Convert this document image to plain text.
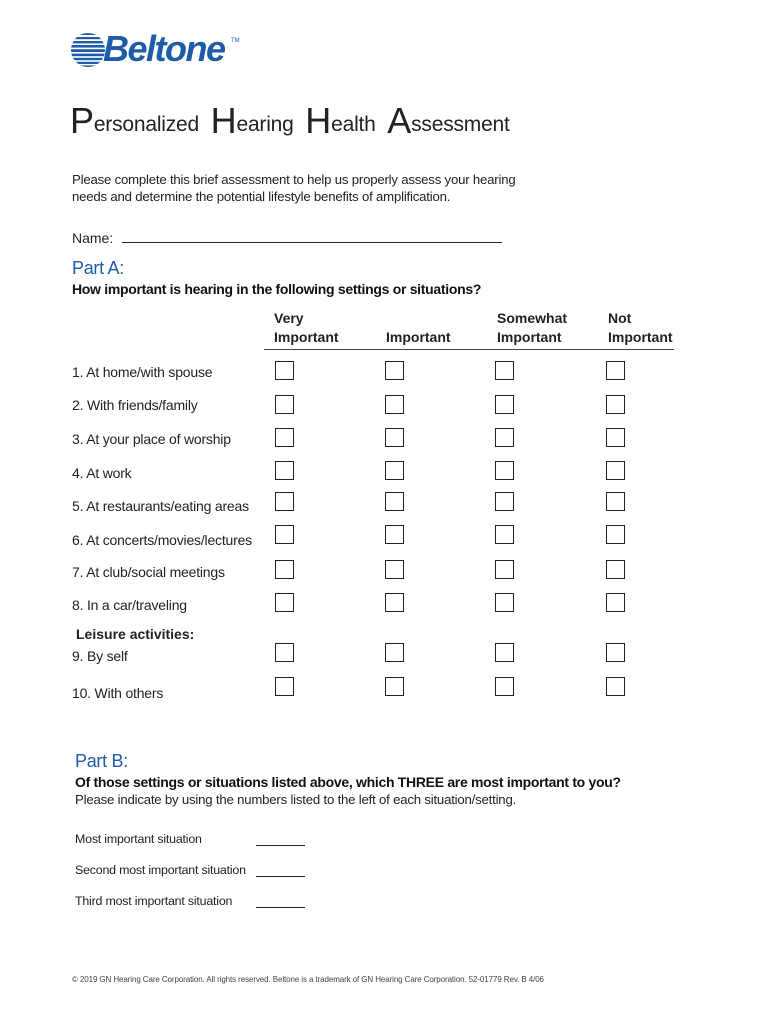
Beltone TM
Personalized Hearing Health Assessment
Please complete this brief assessment to help us properly assess your hearing
needs and determine the potential lifestyle benefits of amplification.
Name:
Part A:
How important is hearing in the following settings or situations?
Very
Important
	Important
Somewhat
Important
Not
Important
1. At home/with spouse
2. With friends/family
3. At your place of worship
4. At work
5. At restaurants/eating areas
6. At concerts/movies/lectures
7. At club/social meetings
8. In a car/traveling
Leisure activities:
9. By self
10. With others
Part B:
Of those settings or situations listed above, which THREE are most important to you?
Please indicate by using the numbers listed to the left of each situation/setting.
Most important situation
Second most important situation
Third most important situation
© 2019 GN Hearing Care Corporation. All rights reserved. Beltone is a trademark of GN Hearing Care Corporation. 52-01779 Rev. B 4/06
